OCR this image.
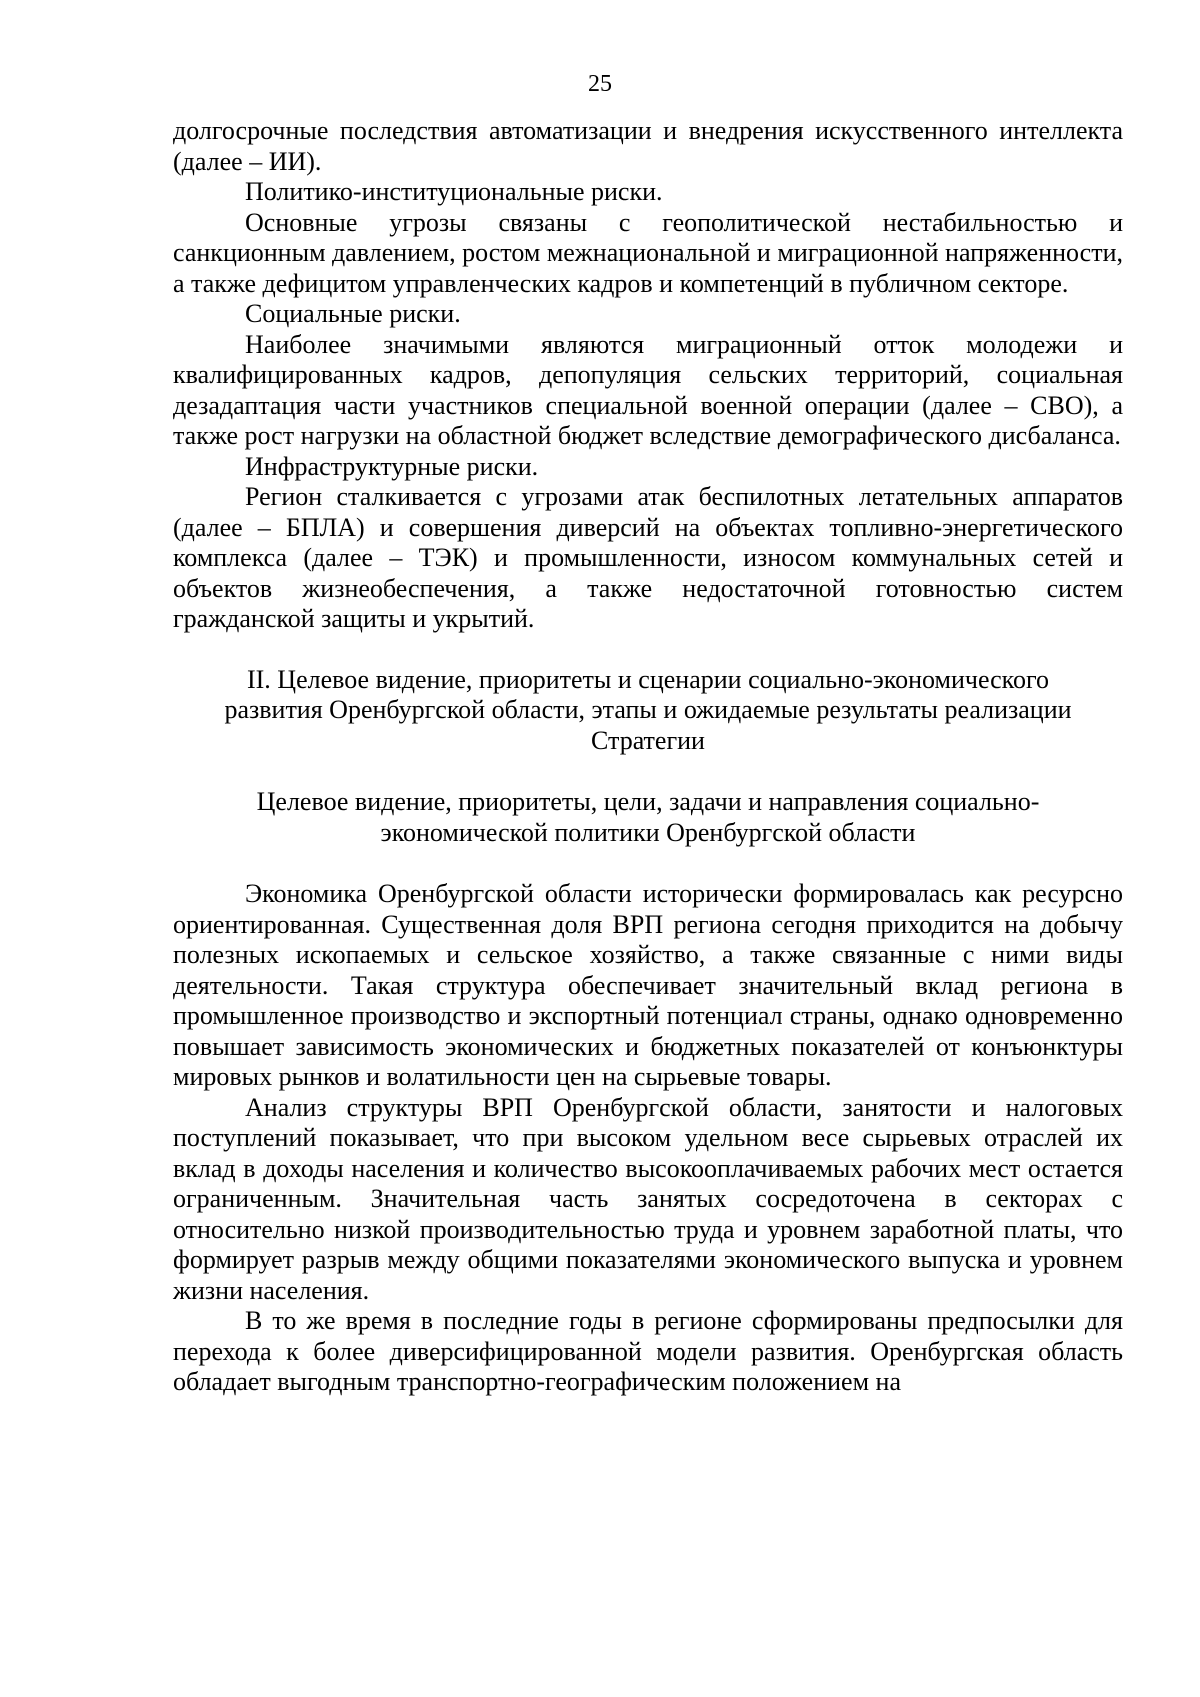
25

долгосрочные последствия автоматизации и внедрения искусственного интеллекта (далее – ИИ).

Политико-институциональные риски.

Основные угрозы связаны с геополитической нестабильностью и санкционным давлением, ростом межнациональной и миграционной напряженности, а также дефицитом управленческих кадров и компетенций в публичном секторе.

Социальные риски.

Наиболее значимыми являются миграционный отток молодежи и квалифицированных кадров, депопуляция сельских территорий, социальная дезадаптация части участников специальной военной операции (далее – СВО), а также рост нагрузки на областной бюджет вследствие демографического дисбаланса.

Инфраструктурные риски.

Регион сталкивается с угрозами атак беспилотных летательных аппаратов (далее – БПЛА) и совершения диверсий на объектах топливно-энергетического комплекса (далее – ТЭК) и промышленности, износом коммунальных сетей и объектов жизнеобеспечения, а также недостаточной готовностью систем гражданской защиты и укрытий.

II. Целевое видение, приоритеты и сценарии социально-экономического
развития Оренбургской области, этапы и ожидаемые результаты реализации
Стратегии
Целевое видение, приоритеты, цели, задачи и направления социально-
экономической политики Оренбургской области

Экономика Оренбургской области исторически формировалась как ресурсно ориентированная. Существенная доля ВРП региона сегодня приходится на добычу полезных ископаемых и сельское хозяйство, а также связанные с ними виды деятельности. Такая структура обеспечивает значительный вклад региона в промышленное производство и экспортный потенциал страны, однако одновременно повышает зависимость экономических и бюджетных показателей от конъюнктуры мировых рынков и волатильности цен на сырьевые товары.

Анализ структуры ВРП Оренбургской области, занятости и налоговых поступлений показывает, что при высоком удельном весе сырьевых отраслей их вклад в доходы населения и количество высокооплачиваемых рабочих мест остается ограниченным. Значительная часть занятых сосредоточена в секторах с относительно низкой производительностью труда и уровнем заработной платы, что формирует разрыв между общими показателями экономического выпуска и уровнем жизни населения.

В то же время в последние годы в регионе сформированы предпосылки для перехода к более диверсифицированной модели развития. Оренбургская область обладает выгодным транспортно-географическим положением на
